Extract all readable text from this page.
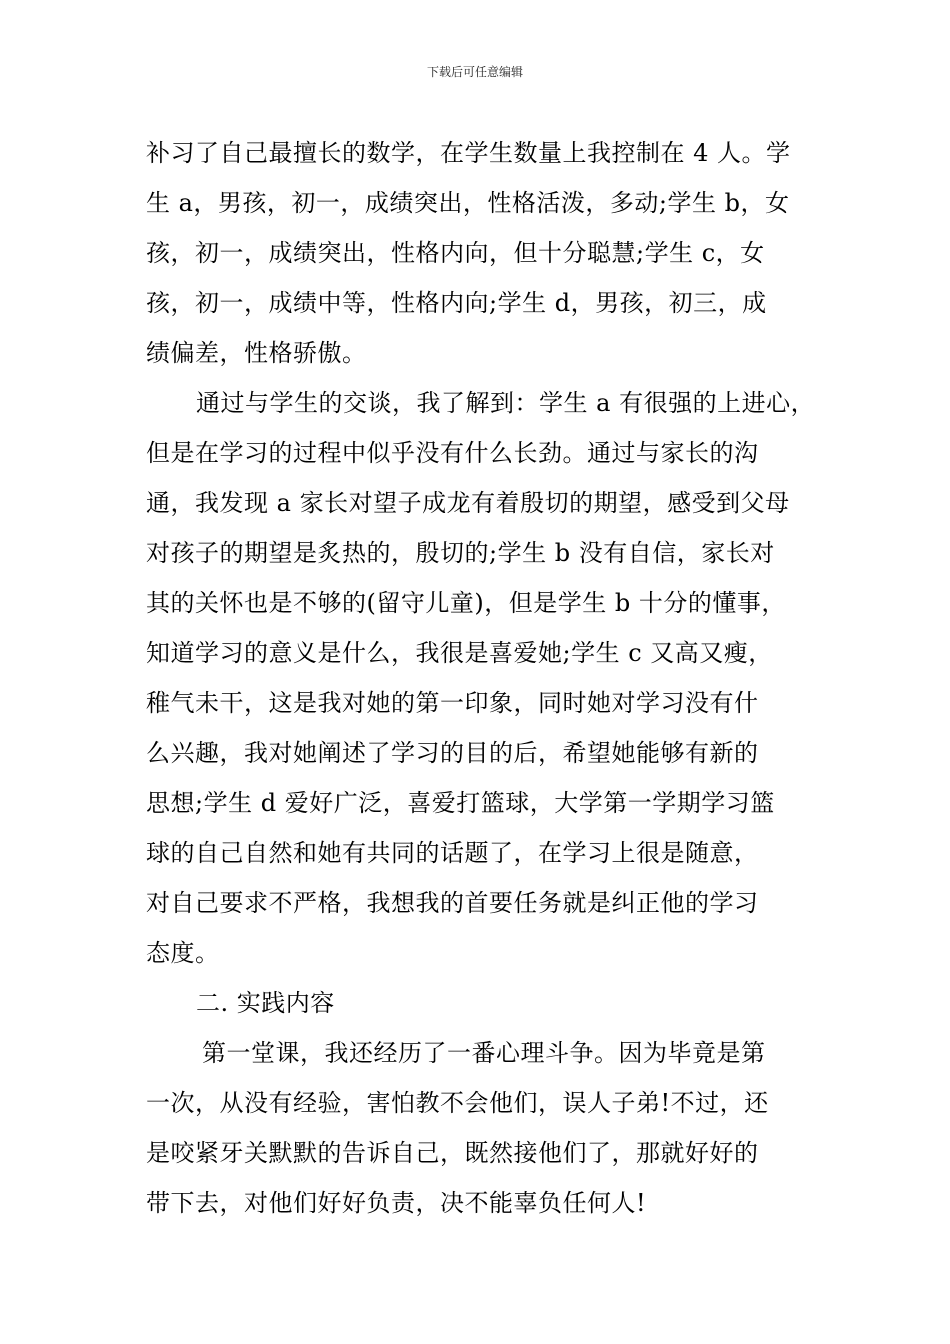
下载后可任意编辑
补习了自己最擅长的数学，在学生数量上我控制在 4 人。学
生 a，男孩，初一，成绩突出，性格活泼，多动;学生 b，女
孩，初一，成绩突出，性格内向，但十分聪慧;学生 c，女
孩，初一，成绩中等，性格内向;学生 d，男孩，初三，成
绩偏差，性格骄傲。
通过与学生的交谈，我了解到：学生 a 有很强的上进心，
但是在学习的过程中似乎没有什么长劲。通过与家长的沟
通，我发现 a 家长对望子成龙有着殷切的期望，感受到父母
对孩子的期望是炙热的，殷切的;学生 b 没有自信，家长对
其的关怀也是不够的(留守儿童)，但是学生 b 十分的懂事，
知道学习的意义是什么，我很是喜爱她;学生 c 又高又瘦，
稚气未干，这是我对她的第一印象，同时她对学习没有什
么兴趣，我对她阐述了学习的目的后，希望她能够有新的
思想;学生 d 爱好广泛，喜爱打篮球，大学第一学期学习篮
球的自己自然和她有共同的话题了，在学习上很是随意，
对自己要求不严格，我想我的首要任务就是纠正他的学习
态度。
二. 实践内容
第一堂课，我还经历了一番心理斗争。因为毕竟是第
一次，从没有经验，害怕教不会他们，误人子弟!不过，还
是咬紧牙关默默的告诉自己，既然接他们了，那就好好的
带下去，对他们好好负责，决不能辜负任何人!
